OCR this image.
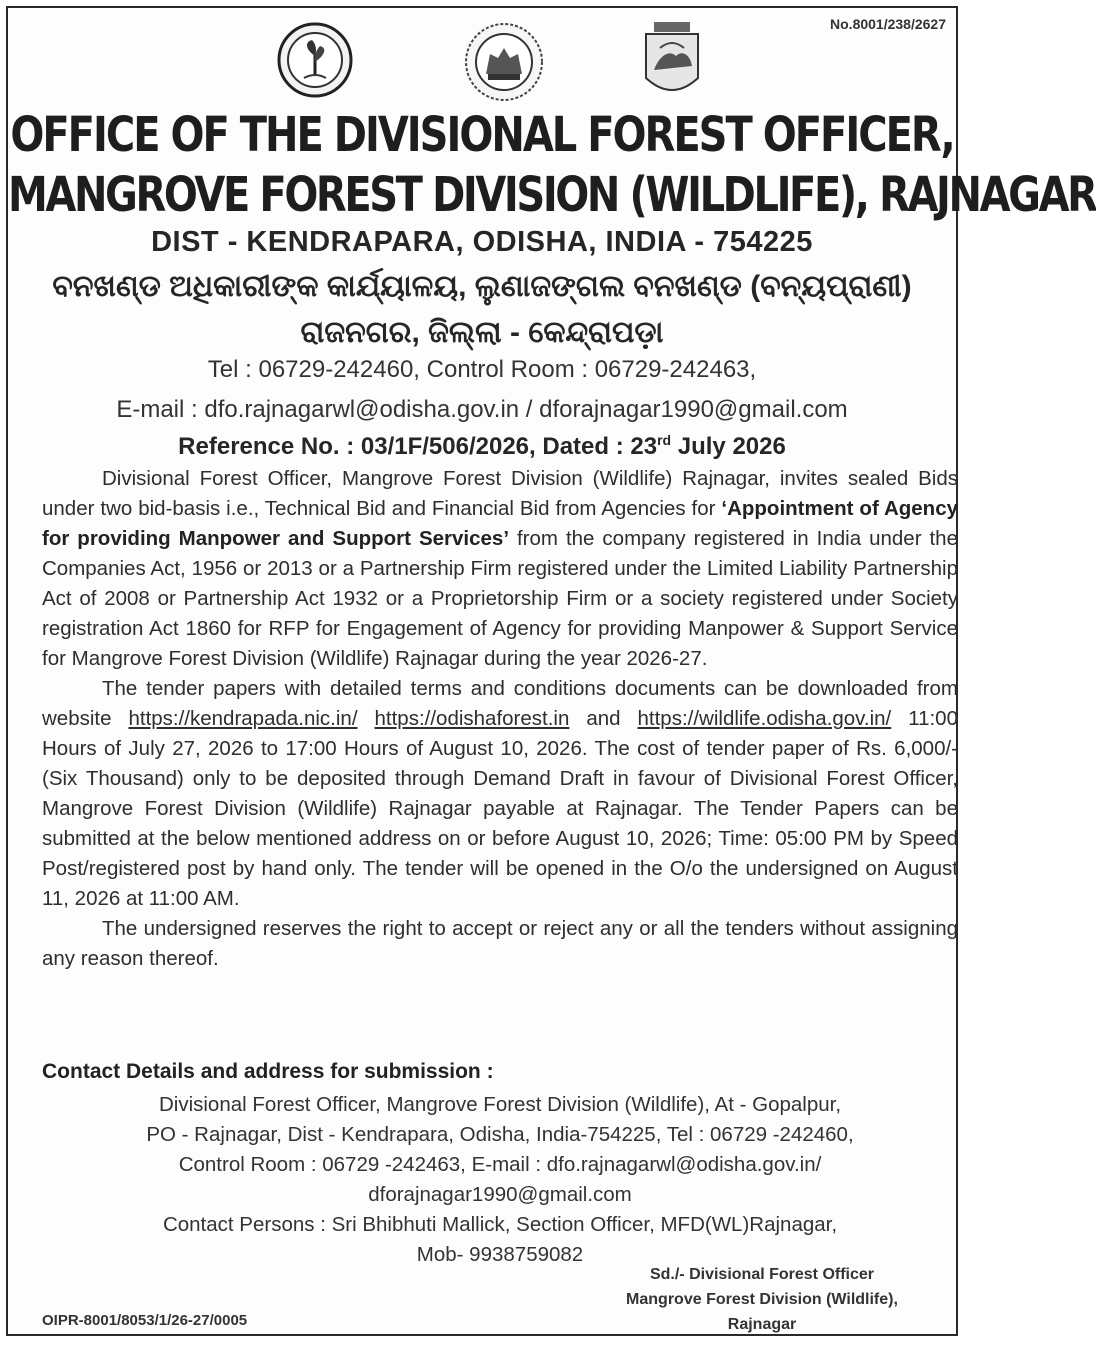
No.8001/238/2627
OFFICE OF THE DIVISIONAL FOREST OFFICER,
MANGROVE FOREST DIVISION (WILDLIFE), RAJNAGAR
DIST - KENDRAPARA, ODISHA, INDIA - 754225
ବନଖଣ୍ଡ ଅଧିକାରୀଙ୍କ କାର୍ଯ୍ୟାଳୟ, ଲୁଣାଜଙ୍ଗଲ ବନଖଣ୍ଡ (ବନ୍ୟପ୍ରାଣୀ)
ରାଜନଗର, ଜିଲ୍ଲା - କେନ୍ଦ୍ରାପଡ଼ା
Tel : 06729-242460, Control Room : 06729-242463,
E-mail : dfo.rajnagarwl@odisha.gov.in / dforajnagar1990@gmail.com
Reference No. : 03/1F/506/2026, Dated : 23rd July 2026

Divisional Forest Officer, Mangrove Forest Division (Wildlife) Rajnagar, invites sealed Bids under two bid-basis i.e., Technical Bid and Financial Bid from Agencies for ‘Appointment of Agency for providing Manpower and Support Services’ from the company registered in India under the Companies Act, 1956 or 2013 or a Partnership Firm registered under the Limited Liability Partnership Act of 2008 or Partnership Act 1932 or a Proprietorship Firm or a society registered under Society registration Act 1860 for RFP for Engagement of Agency for providing Manpower & Support Service for Mangrove Forest Division (Wildlife) Rajnagar during the year 2026-27.

The tender papers with detailed terms and conditions documents can be downloaded from website https://kendrapada.nic.in/ https://odishaforest.in and https://wildlife.odisha.gov.in/ 11:00 Hours of July 27, 2026 to 17:00 Hours of August 10, 2026. The cost of tender paper of Rs. 6,000/- (Six Thousand) only to be deposited through Demand Draft in favour of Divisional Forest Officer, Mangrove Forest Division (Wildlife) Rajnagar payable at Rajnagar. The Tender Papers can be submitted at the below mentioned address on or before August 10, 2026; Time: 05:00 PM by Speed Post/registered post by hand only. The tender will be opened in the O/o the undersigned on August 11, 2026 at 11:00 AM.

The undersigned reserves the right to accept or reject any or all the tenders without assigning any reason thereof.

Contact Details and address for submission :
Divisional Forest Officer, Mangrove Forest Division (Wildlife), At - Gopalpur,
PO - Rajnagar, Dist - Kendrapara, Odisha, India-754225, Tel : 06729 -242460,
Control Room : 06729 -242463, E-mail : dfo.rajnagarwl@odisha.gov.in/
dforajnagar1990@gmail.com
Contact Persons : Sri Bhibhuti Mallick, Section Officer, MFD(WL)Rajnagar,
Mob- 9938759082
Sd./- Divisional Forest Officer
Mangrove Forest Division (Wildlife),
Rajnagar
OIPR-8001/8053/1/26-27/0005
